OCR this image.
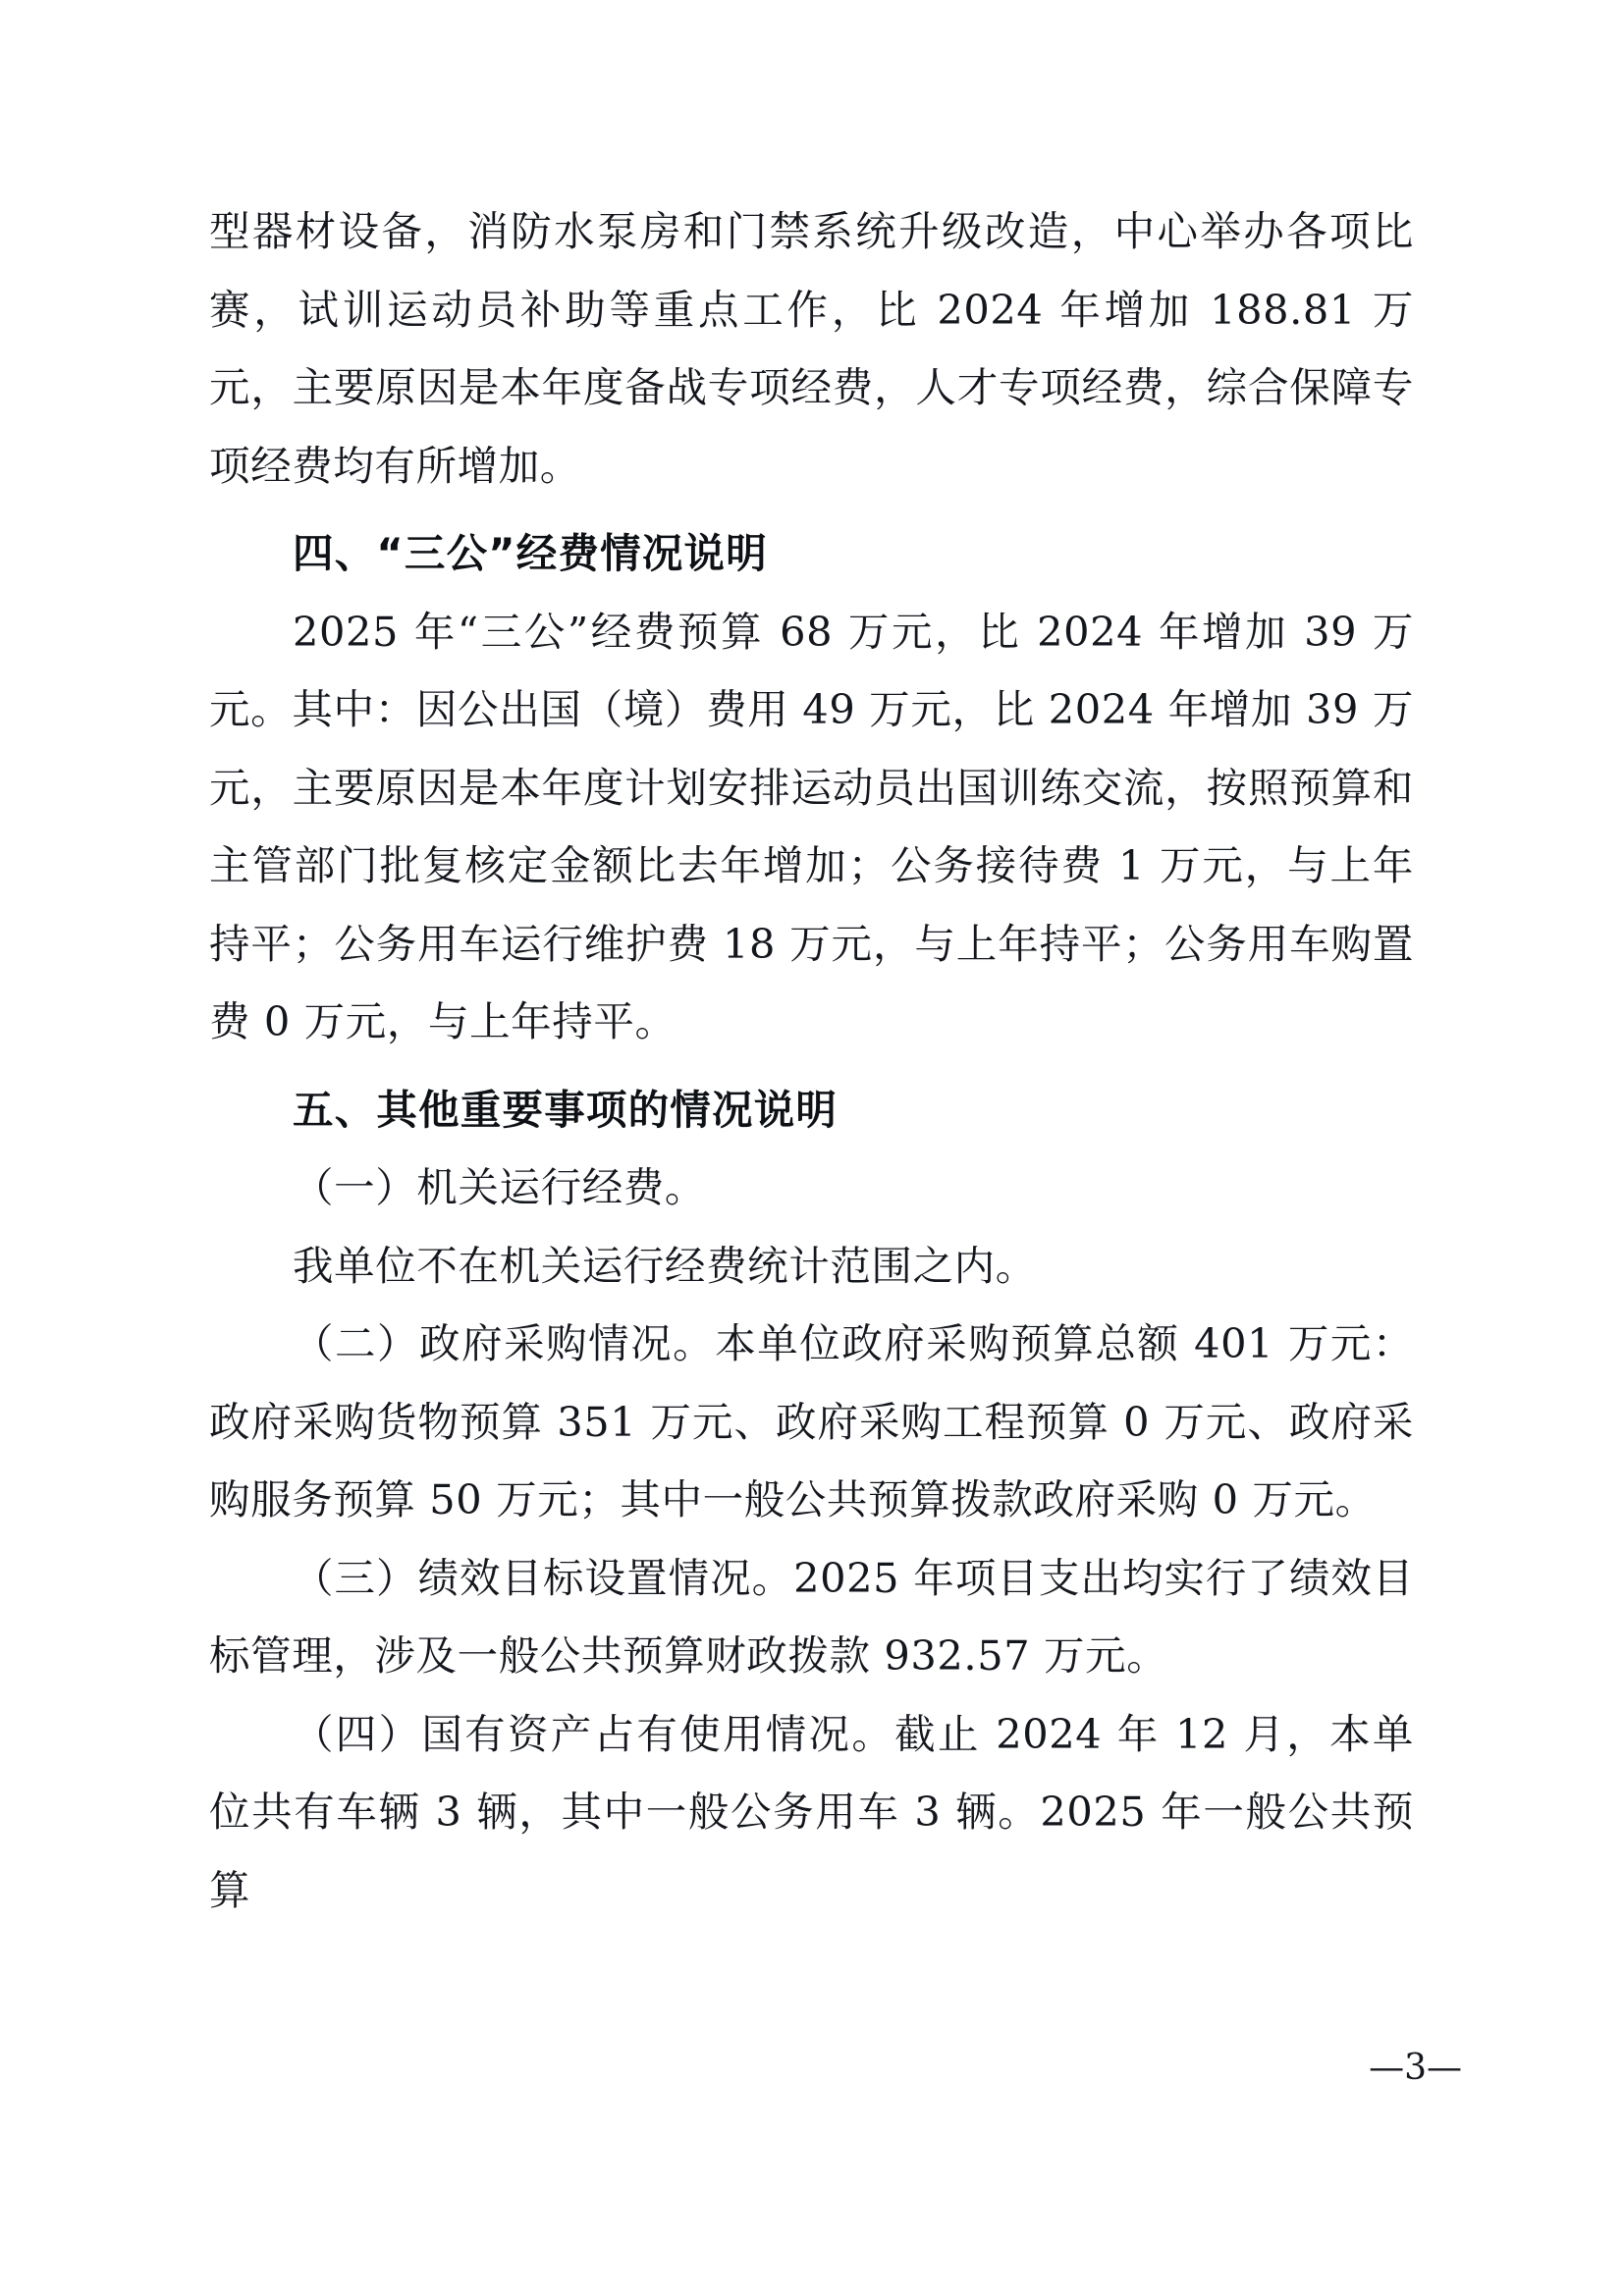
型器材设备，消防水泵房和门禁系统升级改造，中心举办各项比赛，试训运动员补助等重点工作，比 2024 年增加 188.81 万元，主要原因是本年度备战专项经费，人才专项经费，综合保障专项经费均有所增加。

四、“三公”经费情况说明

2025 年“三公”经费预算 68 万元，比 2024 年增加 39 万元。其中：因公出国（境）费用 49 万元，比 2024 年增加 39 万元，主要原因是本年度计划安排运动员出国训练交流，按照预算和主管部门批复核定金额比去年增加；公务接待费 1 万元，与上年持平；公务用车运行维护费 18 万元，与上年持平；公务用车购置费 0 万元，与上年持平。

五、其他重要事项的情况说明

（一）机关运行经费。

我单位不在机关运行经费统计范围之内。

（二）政府采购情况。本单位政府采购预算总额 401 万元：政府采购货物预算 351 万元、政府采购工程预算 0 万元、政府采购服务预算 50 万元；其中一般公共预算拨款政府采购 0 万元。

（三）绩效目标设置情况。2025 年项目支出均实行了绩效目标管理，涉及一般公共预算财政拨款 932.57 万元。

（四）国有资产占有使用情况。截止 2024 年 12 月，本单位共有车辆 3 辆，其中一般公务用车 3 辆。2025 年一般公共预算

—3—
